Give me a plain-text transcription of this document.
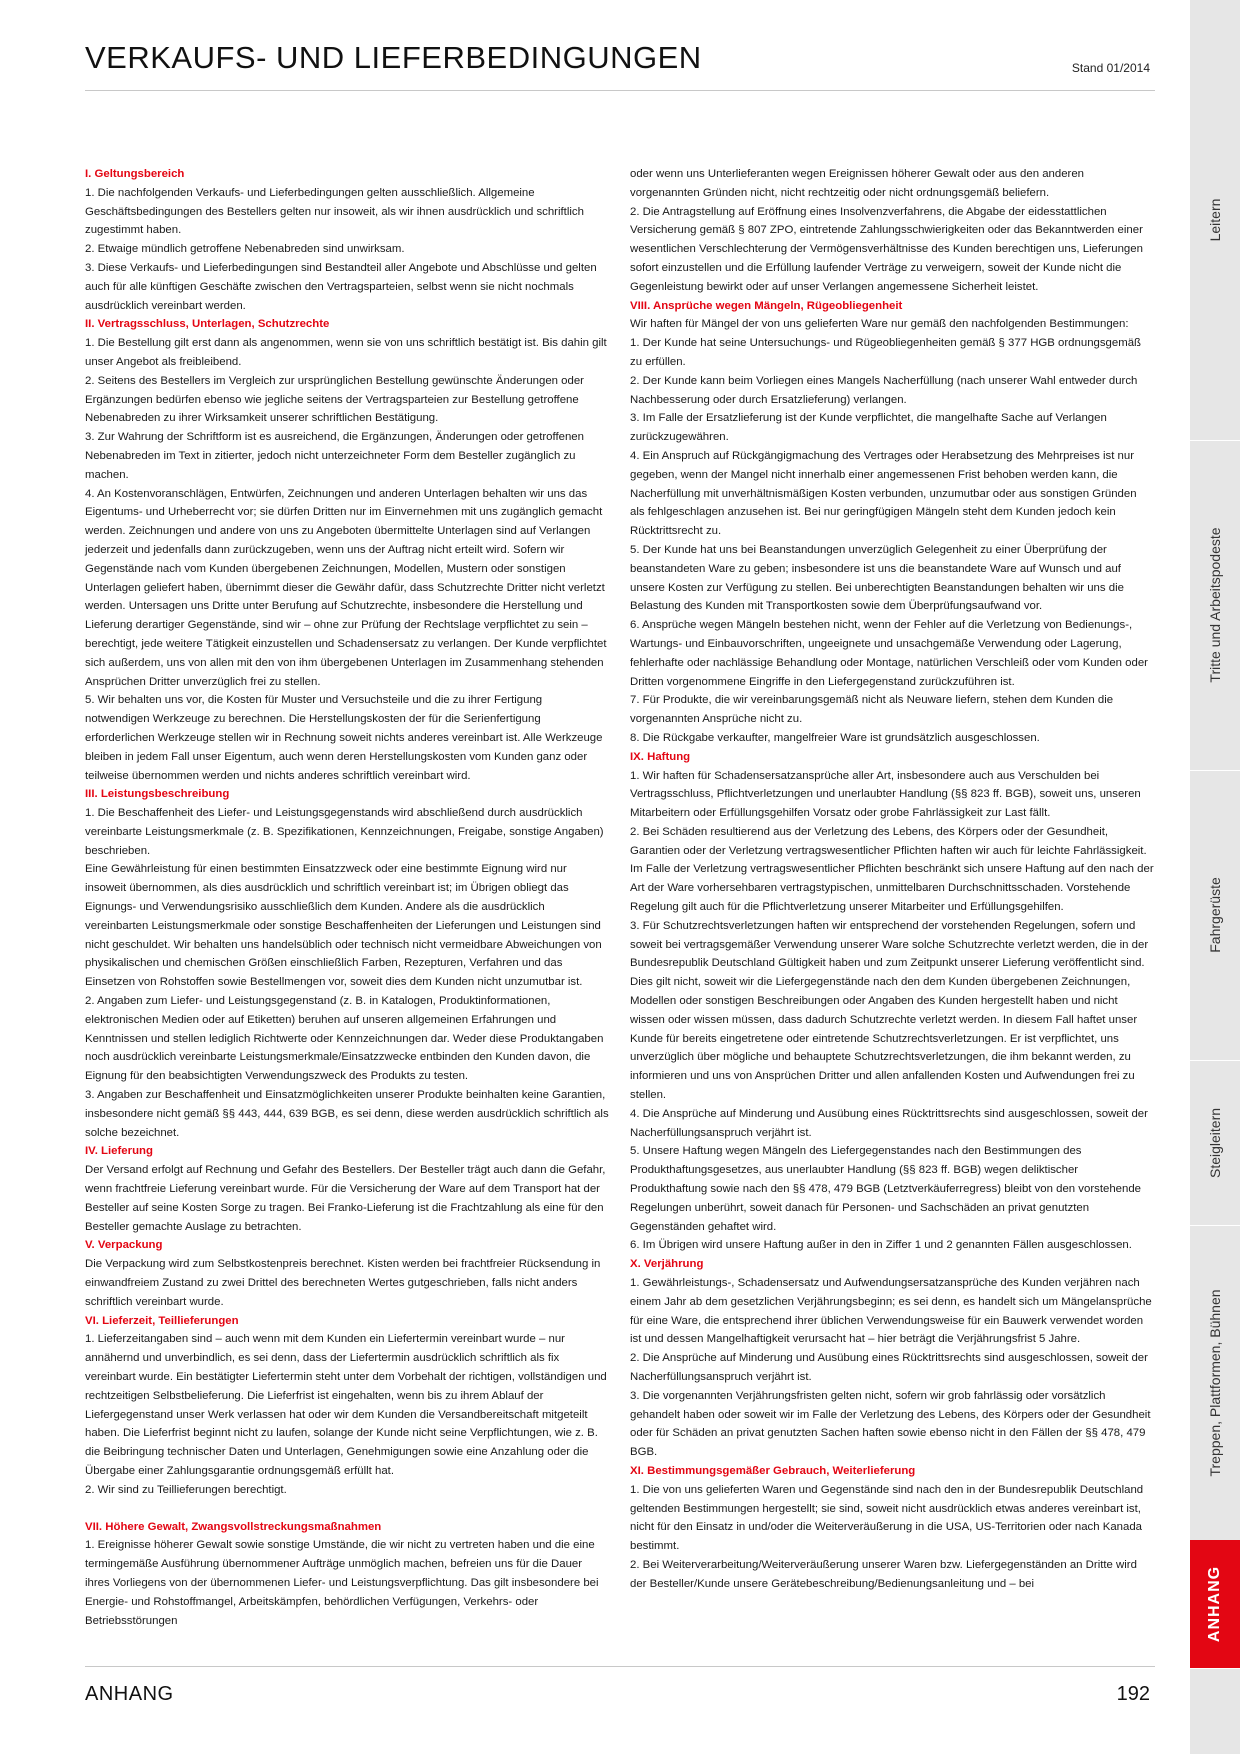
VERKAUFS- UND LIEFERBEDINGUNGEN	Stand 01/2014

I. Geltungsbereich

1. Die nachfolgenden Verkaufs- und Lieferbedingungen gelten ausschließlich. Allgemeine Geschäftsbedingungen des Bestellers gelten nur insoweit, als wir ihnen ausdrücklich und schriftlich zugestimmt haben.

2. Etwaige mündlich getroffene Nebenabreden sind unwirksam.

3. Diese Verkaufs- und Lieferbedingungen sind Bestandteil aller Angebote und Abschlüsse und gelten auch für alle künftigen Geschäfte zwischen den Vertragsparteien, selbst wenn sie nicht nochmals ausdrücklich vereinbart werden.

II. Vertragsschluss, Unterlagen, Schutzrechte

1. Die Bestellung gilt erst dann als angenommen, wenn sie von uns schriftlich bestätigt ist. Bis dahin gilt unser Angebot als freibleibend.

2. Seitens des Bestellers im Vergleich zur ursprünglichen Bestellung gewünschte Änderungen oder Ergänzungen bedürfen ebenso wie jegliche seitens der Vertragsparteien zur Bestellung getroffene Nebenabreden zu ihrer Wirksamkeit unserer schriftlichen Bestätigung.

3. Zur Wahrung der Schriftform ist es ausreichend, die Ergänzungen, Änderungen oder getroffenen Nebenabreden im Text in zitierter, jedoch nicht unterzeichneter Form dem Besteller zugänglich zu machen.

4. An Kostenvoranschlägen, Entwürfen, Zeichnungen und anderen Unterlagen behalten wir uns das Eigentums- und Urheberrecht vor; sie dürfen Dritten nur im Einvernehmen mit uns zugänglich gemacht werden. Zeichnungen und andere von uns zu Angeboten übermittelte Unterlagen sind auf Verlangen jederzeit und jedenfalls dann zurückzugeben, wenn uns der Auftrag nicht erteilt wird. Sofern wir Gegenstände nach vom Kunden übergebenen Zeichnungen, Modellen, Mustern oder sonstigen Unterlagen geliefert haben, übernimmt dieser die Gewähr dafür, dass Schutzrechte Dritter nicht verletzt werden. Untersagen uns Dritte unter Berufung auf Schutzrechte, insbesondere die Herstellung und Lieferung derartiger Gegenstände, sind wir – ohne zur Prüfung der Rechtslage verpflichtet zu sein – berechtigt, jede weitere Tätigkeit einzustellen und Schadensersatz zu verlangen. Der Kunde verpflichtet sich außerdem, uns von allen mit den von ihm übergebenen Unterlagen im Zusammenhang stehenden Ansprüchen Dritter unverzüglich frei zu stellen.

5. Wir behalten uns vor, die Kosten für Muster und Versuchsteile und die zu ihrer Fertigung notwendigen Werkzeuge zu berechnen. Die Herstellungskosten der für die Serienfertigung erforderlichen Werkzeuge stellen wir in Rechnung soweit nichts anderes vereinbart ist. Alle Werkzeuge bleiben in jedem Fall unser Eigentum, auch wenn deren Herstellungskosten vom Kunden ganz oder teilweise übernommen werden und nichts anderes schriftlich vereinbart wird.

III. Leistungsbeschreibung

1. Die Beschaffenheit des Liefer- und Leistungsgegenstands wird abschließend durch ausdrücklich vereinbarte Leistungsmerkmale (z. B. Spezifikationen, Kennzeichnungen, Freigabe, sonstige Angaben) beschrieben.

Eine Gewährleistung für einen bestimmten Einsatzzweck oder eine bestimmte Eignung wird nur insoweit übernommen, als dies ausdrücklich und schriftlich vereinbart ist; im Übrigen obliegt das Eignungs- und Verwendungsrisiko ausschließlich dem Kunden. Andere als die ausdrücklich vereinbarten Leistungsmerkmale oder sonstige Beschaffenheiten der Lieferungen und Leistungen sind nicht geschuldet. Wir behalten uns handelsüblich oder technisch nicht vermeidbare Abweichungen von physikalischen und chemischen Größen einschließlich Farben, Rezepturen, Verfahren und das Einsetzen von Rohstoffen sowie Bestellmengen vor, soweit dies dem Kunden nicht unzumutbar ist.

2. Angaben zum Liefer- und Leistungsgegenstand (z. B. in Katalogen, Produktinformationen, elektronischen Medien oder auf Etiketten) beruhen auf unseren allgemeinen Erfahrungen und Kenntnissen und stellen lediglich Richtwerte oder Kennzeichnungen dar. Weder diese Produktangaben noch ausdrücklich vereinbarte Leistungsmerkmale/Einsatzzwecke entbinden den Kunden davon, die Eignung für den beabsichtigten Verwendungszweck des Produkts zu testen.

3. Angaben zur Beschaffenheit und Einsatzmöglichkeiten unserer Produkte beinhalten keine Garantien, insbesondere nicht gemäß §§ 443, 444, 639 BGB, es sei denn, diese werden ausdrücklich schriftlich als solche bezeichnet.

IV. Lieferung

Der Versand erfolgt auf Rechnung und Gefahr des Bestellers. Der Besteller trägt auch dann die Gefahr, wenn frachtfreie Lieferung vereinbart wurde. Für die Versicherung der Ware auf dem Transport hat der Besteller auf seine Kosten Sorge zu tragen. Bei Franko-Lieferung ist die Frachtzahlung als eine für den Besteller gemachte Auslage zu betrachten.

V. Verpackung

Die Verpackung wird zum Selbstkostenpreis berechnet. Kisten werden bei frachtfreier Rücksendung in einwandfreiem Zustand zu zwei Drittel des berechneten Wertes gutgeschrieben, falls nicht anders schriftlich vereinbart wurde.

VI. Lieferzeit, Teillieferungen

1. Lieferzeitangaben sind – auch wenn mit dem Kunden ein Liefertermin vereinbart wurde – nur annähernd und unverbindlich, es sei denn, dass der Liefertermin ausdrücklich schriftlich als fix vereinbart wurde. Ein bestätigter Liefertermin steht unter dem Vorbehalt der richtigen, vollständigen und rechtzeitigen Selbstbelieferung. Die Lieferfrist ist eingehalten, wenn bis zu ihrem Ablauf der Liefergegenstand unser Werk verlassen hat oder wir dem Kunden die Versandbereitschaft mitgeteilt haben. Die Lieferfrist beginnt nicht zu laufen, solange der Kunde nicht seine Verpflichtungen, wie z. B. die Beibringung technischer Daten und Unterlagen, Genehmigungen sowie eine Anzahlung oder die Übergabe einer Zahlungsgarantie ordnungsgemäß erfüllt hat.

2. Wir sind zu Teillieferungen berechtigt.

VII. Höhere Gewalt, Zwangsvollstreckungsmaßnahmen

1. Ereignisse höherer Gewalt sowie sonstige Umstände, die wir nicht zu vertreten haben und die eine termingemäße Ausführung übernommener Aufträge unmöglich machen, befreien uns für die Dauer ihres Vorliegens von der übernommenen Liefer- und Leistungsverpflichtung. Das gilt insbesondere bei Energie- und Rohstoffmangel, Arbeitskämpfen, behördlichen Verfügungen, Verkehrs- oder Betriebsstörungen

oder wenn uns Unterlieferanten wegen Ereignissen höherer Gewalt oder aus den anderen vorgenannten Gründen nicht, nicht rechtzeitig oder nicht ordnungsgemäß beliefern.

2. Die Antragstellung auf Eröffnung eines Insolvenzverfahrens, die Abgabe der eidesstattlichen Versicherung gemäß § 807 ZPO, eintretende Zahlungsschwierigkeiten oder das Bekanntwerden einer wesentlichen Verschlechterung der Vermögensverhältnisse des Kunden berechtigen uns, Lieferungen sofort einzustellen und die Erfüllung laufender Verträge zu verweigern, soweit der Kunde nicht die Gegenleistung bewirkt oder auf unser Verlangen angemessene Sicherheit leistet.

VIII. Ansprüche wegen Mängeln, Rügeobliegenheit

Wir haften für Mängel der von uns gelieferten Ware nur gemäß den nachfolgenden Bestimmungen:

1. Der Kunde hat seine Untersuchungs- und Rügeobliegenheiten gemäß § 377 HGB ordnungsgemäß zu erfüllen.

2. Der Kunde kann beim Vorliegen eines Mangels Nacherfüllung (nach unserer Wahl entweder durch Nachbesserung oder durch Ersatzlieferung) verlangen.

3. Im Falle der Ersatzlieferung ist der Kunde verpflichtet, die mangelhafte Sache auf Verlangen zurückzugewähren.

4. Ein Anspruch auf Rückgängigmachung des Vertrages oder Herabsetzung des Mehrpreises ist nur gegeben, wenn der Mangel nicht innerhalb einer angemessenen Frist behoben werden kann, die Nacherfüllung mit unverhältnismäßigen Kosten verbunden, unzumutbar oder aus sonstigen Gründen als fehlgeschlagen anzusehen ist. Bei nur geringfügigen Mängeln steht dem Kunden jedoch kein Rücktrittsrecht zu.

5. Der Kunde hat uns bei Beanstandungen unverzüglich Gelegenheit zu einer Überprüfung der beanstandeten Ware zu geben; insbesondere ist uns die beanstandete Ware auf Wunsch und auf unsere Kosten zur Verfügung zu stellen. Bei unberechtigten Beanstandungen behalten wir uns die Belastung des Kunden mit Transportkosten sowie dem Überprüfungsaufwand vor.

6. Ansprüche wegen Mängeln bestehen nicht, wenn der Fehler auf die Verletzung von Bedienungs-, Wartungs- und Einbauvorschriften, ungeeignete und unsachgemäße Verwendung oder Lagerung, fehlerhafte oder nachlässige Behandlung oder Montage, natürlichen Verschleiß oder vom Kunden oder Dritten vorgenommene Eingriffe in den Liefergegenstand zurückzuführen ist.

7. Für Produkte, die wir vereinbarungsgemäß nicht als Neuware liefern, stehen dem Kunden die vorgenannten Ansprüche nicht zu.

8. Die Rückgabe verkaufter, mangelfreier Ware ist grundsätzlich ausgeschlossen.

IX. Haftung

1. Wir haften für Schadensersatzansprüche aller Art, insbesondere auch aus Verschulden bei Vertragsschluss, Pflichtverletzungen und unerlaubter Handlung (§§ 823 ff. BGB), soweit uns, unseren Mitarbeitern oder Erfüllungsgehilfen Vorsatz oder grobe Fahrlässigkeit zur Last fällt.

2. Bei Schäden resultierend aus der Verletzung des Lebens, des Körpers oder der Gesundheit, Garantien oder der Verletzung vertragswesentlicher Pflichten haften wir auch für leichte Fahrlässigkeit. Im Falle der Verletzung vertragswesentlicher Pflichten beschränkt sich unsere Haftung auf den nach der Art der Ware vorhersehbaren vertragstypischen, unmittelbaren Durchschnittsschaden. Vorstehende Regelung gilt auch für die Pflichtverletzung unserer Mitarbeiter und Erfüllungsgehilfen.

3. Für Schutzrechtsverletzungen haften wir entsprechend der vorstehenden Regelungen, sofern und soweit bei vertragsgemäßer Verwendung unserer Ware solche Schutzrechte verletzt werden, die in der Bundesrepublik Deutschland Gültigkeit haben und zum Zeitpunkt unserer Lieferung veröffentlicht sind. Dies gilt nicht, soweit wir die Liefergegenstände nach den dem Kunden übergebenen Zeichnungen, Modellen oder sonstigen Beschreibungen oder Angaben des Kunden hergestellt haben und nicht wissen oder wissen müssen, dass dadurch Schutzrechte verletzt werden. In diesem Fall haftet unser Kunde für bereits eingetretene oder eintretende Schutzrechtsverletzungen. Er ist verpflichtet, uns unverzüglich über mögliche und behauptete Schutzrechtsverletzungen, die ihm bekannt werden, zu informieren und uns von Ansprüchen Dritter und allen anfallenden Kosten und Aufwendungen frei zu stellen.

4. Die Ansprüche auf Minderung und Ausübung eines Rücktrittsrechts sind ausgeschlossen, soweit der Nacherfüllungsanspruch verjährt ist.

5. Unsere Haftung wegen Mängeln des Liefergegenstandes nach den Bestimmungen des Produkthaftungsgesetzes, aus unerlaubter Handlung (§§ 823 ff. BGB) wegen deliktischer Produkthaftung sowie nach den §§ 478, 479 BGB (Letztverkäuferregress) bleibt von den vorstehende Regelungen unberührt, soweit danach für Personen- und Sachschäden an privat genutzten Gegenständen gehaftet wird.

6. Im Übrigen wird unsere Haftung außer in den in Ziffer 1 und 2 genannten Fällen ausgeschlossen.

X. Verjährung

1. Gewährleistungs-, Schadensersatz und Aufwendungsersatzansprüche des Kunden verjähren nach einem Jahr ab dem gesetzlichen Verjährungsbeginn; es sei denn, es handelt sich um Mängelansprüche für eine Ware, die entsprechend ihrer üblichen Verwendungsweise für ein Bauwerk verwendet worden ist und dessen Mangelhaftigkeit verursacht hat – hier beträgt die Verjährungsfrist 5 Jahre.

2. Die Ansprüche auf Minderung und Ausübung eines Rücktrittsrechts sind ausgeschlossen, soweit der Nacherfüllungsanspruch verjährt ist.

3. Die vorgenannten Verjährungsfristen gelten nicht, sofern wir grob fahrlässig oder vorsätzlich gehandelt haben oder soweit wir im Falle der Verletzung des Lebens, des Körpers oder der Gesundheit oder für Schäden an privat genutzten Sachen haften sowie ebenso nicht in den Fällen der §§ 478, 479 BGB.

XI. Bestimmungsgemäßer Gebrauch, Weiterlieferung

1. Die von uns gelieferten Waren und Gegenstände sind nach den in der Bundesrepublik Deutschland geltenden Bestimmungen hergestellt; sie sind, soweit nicht ausdrücklich etwas anderes vereinbart ist, nicht für den Einsatz in und/oder die Weiterveräußerung in die USA, US-Territorien oder nach Kanada bestimmt.

2. Bei Weiterverarbeitung/Weiterveräußerung unserer Waren bzw. Liefergegenständen an Dritte wird der Besteller/Kunde unsere Gerätebeschreibung/Bedienungsanleitung und – bei

ANHANG	192
Leitern
Tritte und Arbeitspodeste
Fahrgerüste
Steigleitern
Treppen, Plattformen, Bühnen
ANHANG
